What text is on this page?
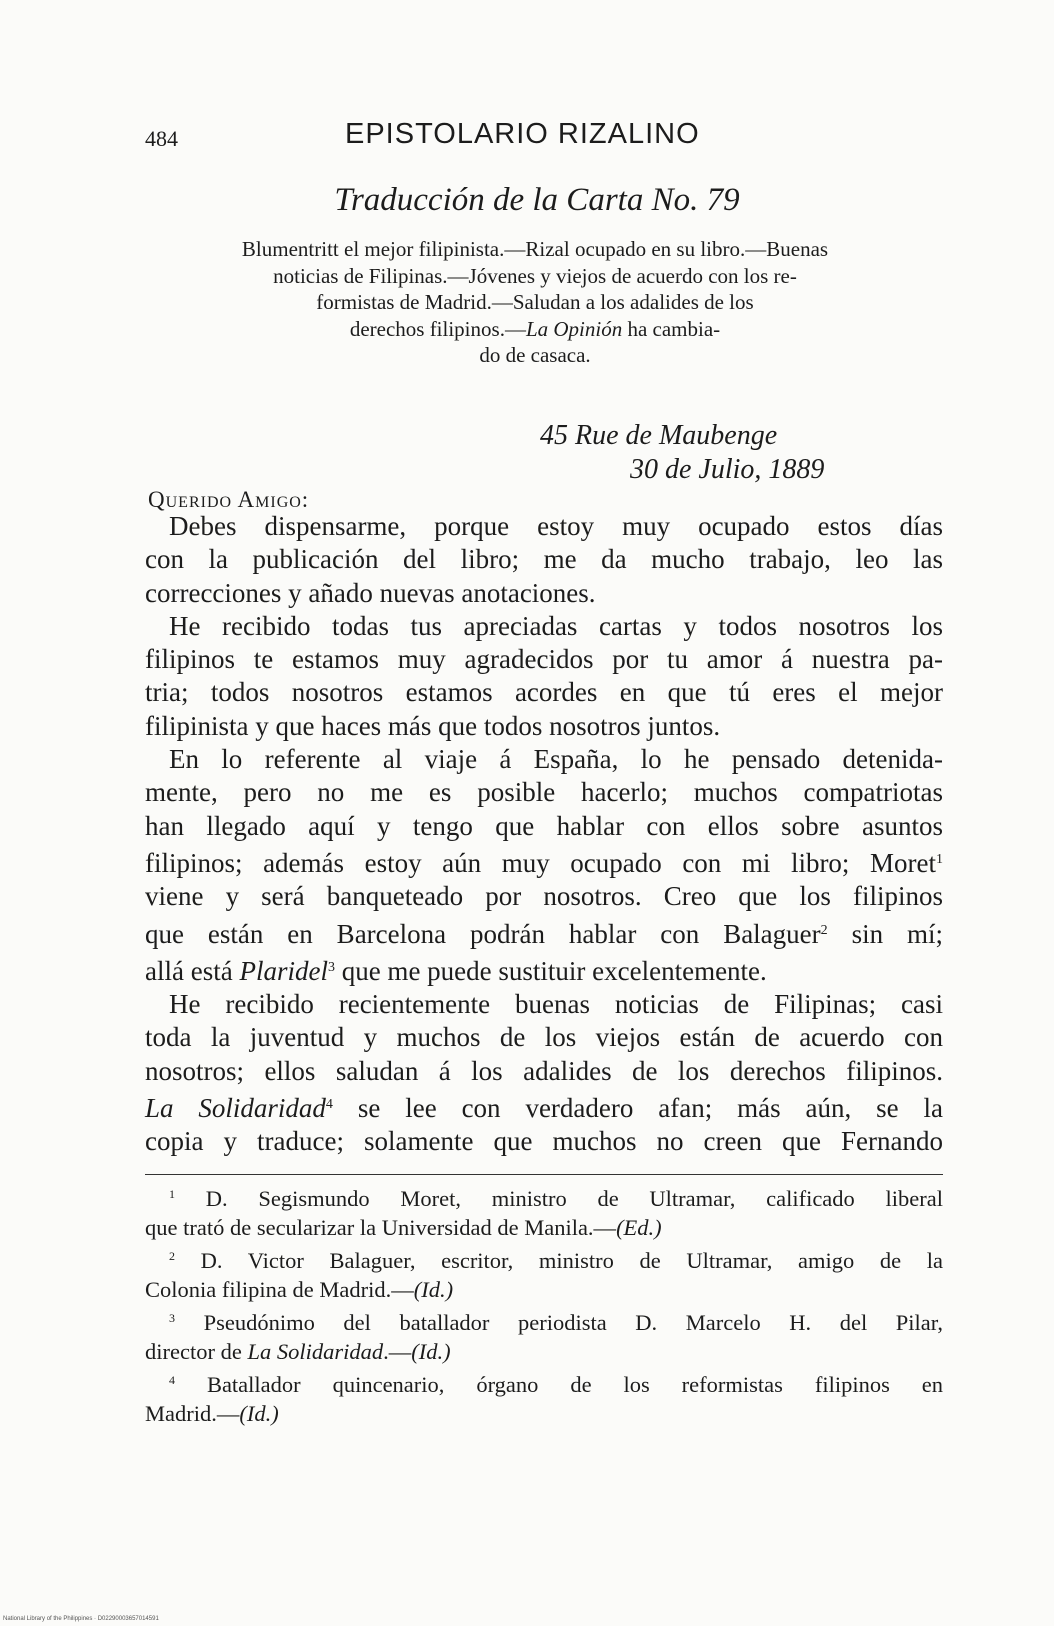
484	EPISTOLARIO RIZALINO
Traducción de la Carta No. 79
Blumentritt el mejor filipinista.—Rizal ocupado en su libro.—Buenas
noticias de Filipinas.—Jóvenes y viejos de acuerdo con los re-
formistas de Madrid.—Saludan a los adalides de los
derechos filipinos.—La Opinión ha cambia-
do de casaca.
45 Rue de Maubenge
30 de Julio, 1889
Querido Amigo:
Debes dispensarme, porque estoy muy ocupado estos días
con la publicación del libro; me da mucho trabajo, leo las
correcciones y añado nuevas anotaciones.
He recibido todas tus apreciadas cartas y todos nosotros los
filipinos te estamos muy agradecidos por tu amor á nuestra pa-
tria; todos nosotros estamos acordes en que tú eres el mejor
filipinista y que haces más que todos nosotros juntos.
En lo referente al viaje á España, lo he pensado detenida-
mente, pero no me es posible hacerlo; muchos compatriotas
han llegado aquí y tengo que hablar con ellos sobre asuntos
filipinos; además estoy aún muy ocupado con mi libro; Moret$^1$
viene y será banqueteado por nosotros. Creo que los filipinos
que están en Barcelona podrán hablar con Balaguer$^2$ sin mí;
allá está Plaridel$^3$ que me puede sustituir excelentemente.
He recibido recientemente buenas noticias de Filipinas; casi
toda la juventud y muchos de los viejos están de acuerdo con
nosotros; ellos saludan á los adalides de los derechos filipinos.
La Solidaridad$^4$ se lee con verdadero afan; más aún, se la
copia y traduce; solamente que muchos no creen que Fernando
$^1$ D. Segismundo Moret, ministro de Ultramar, calificado liberal
que trató de secularizar la Universidad de Manila.—(Ed.)
$^2$ D. Victor Balaguer, escritor, ministro de Ultramar, amigo de la
Colonia filipina de Madrid.—(Id.)
$^3$ Pseudónimo del batallador periodista D. Marcelo H. del Pilar,
director de La Solidaridad.—(Id.)
$^4$ Batallador quincenario, órgano de los reformistas filipinos en
Madrid.—(Id.)
National Library of the Philippines · D02290003657014591
